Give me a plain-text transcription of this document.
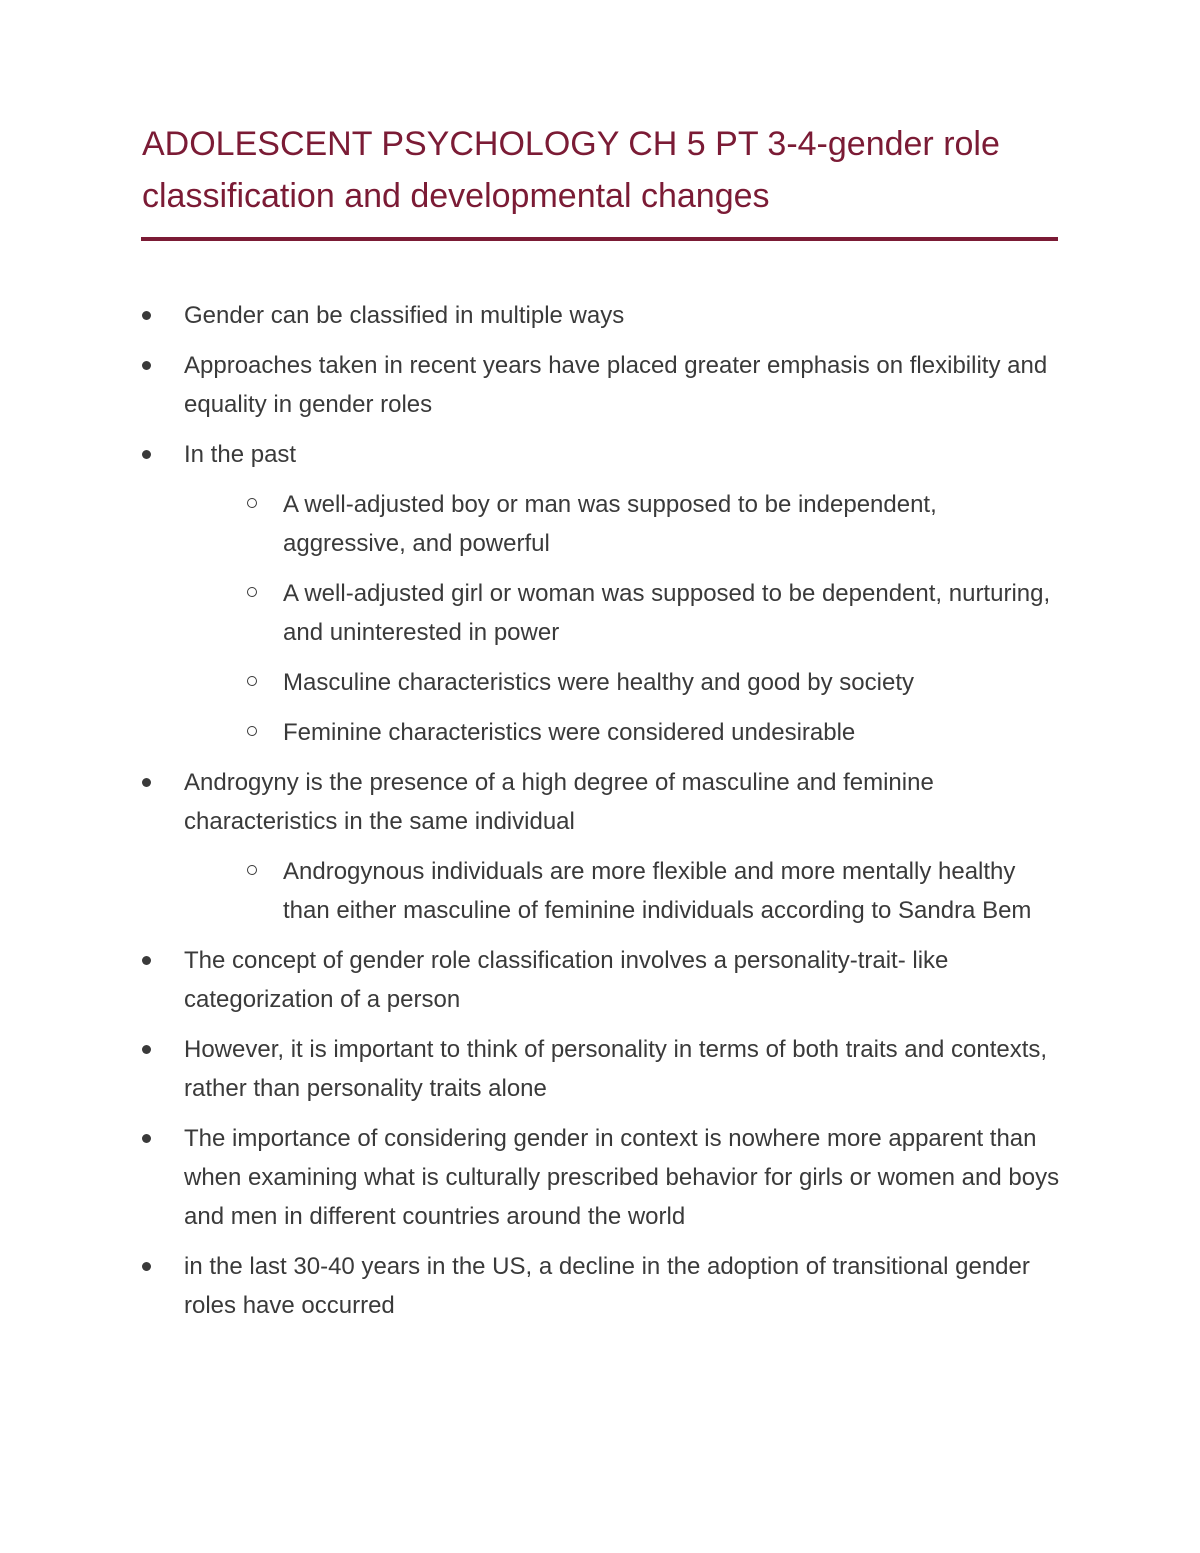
ADOLESCENT PSYCHOLOGY CH 5 PT 3-4-gender role classification and developmental changes
Gender can be classified in multiple ways
Approaches taken in recent years have placed greater emphasis on flexibility and equality in gender roles
In the past
A well-adjusted boy or man was supposed to be independent, aggressive, and powerful
A well-adjusted girl or woman was supposed to be dependent, nurturing, and uninterested in power
Masculine characteristics were healthy and good by society
Feminine characteristics were considered undesirable
Androgyny is the presence of a high degree of masculine and feminine characteristics in the same individual
Androgynous individuals are more flexible and more mentally healthy than either masculine of feminine individuals according to Sandra Bem
The concept of gender role classification involves a personality-trait- like categorization of a person
However, it is important to think of personality in terms of both traits and contexts, rather than personality traits alone
The importance of considering gender in context is nowhere more apparent than when examining what is culturally prescribed behavior for girls or women and boys and men in different countries around the world
in the last 30-40 years in the US, a decline in the adoption of transitional gender roles have occurred
